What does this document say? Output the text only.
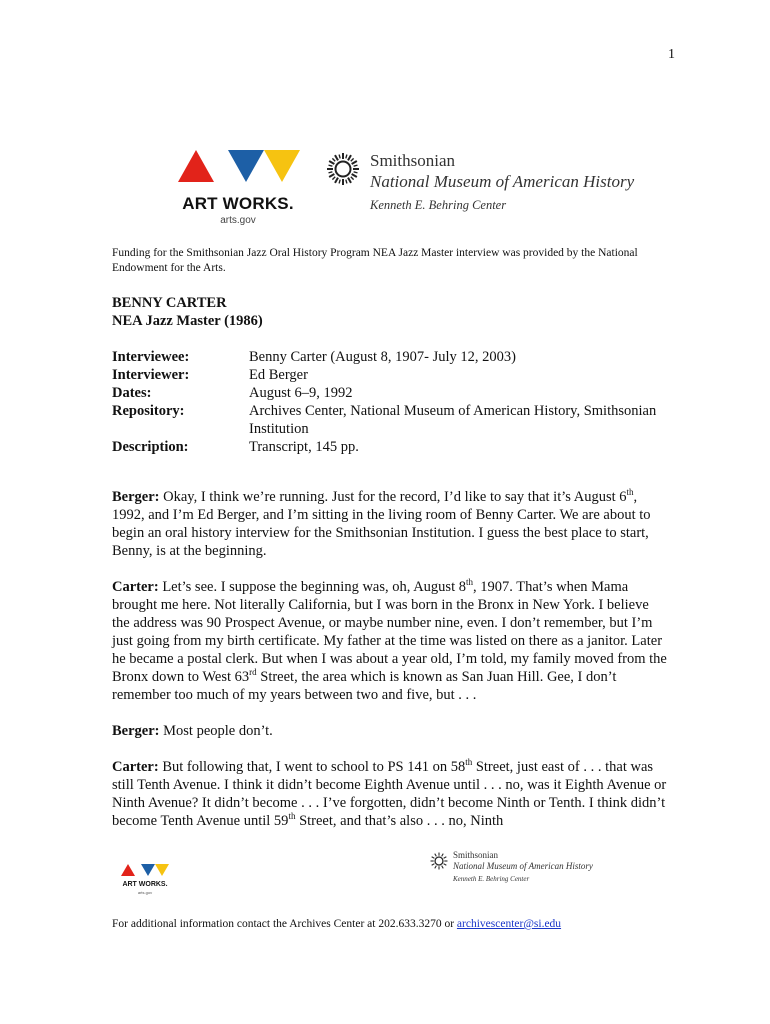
1
ART WORKS.
arts.gov
Smithsonian
National Museum of American History
Kenneth E. Behring Center
Funding for the Smithsonian Jazz Oral History Program NEA Jazz Master interview was provided by the National Endowment for the Arts.
BENNY CARTER
NEA Jazz Master (1986)
Interviewee:	Benny Carter (August 8, 1907- July 12, 2003)
Interviewer:	Ed Berger
Dates:	August 6–9, 1992
Repository:	Archives Center, National Museum of American History, Smithsonian Institution
Description:	Transcript, 145 pp.

Berger: Okay, I think we’re running. Just for the record, I’d like to say that it’s August 6th, 1992, and I’m Ed Berger, and I’m sitting in the living room of Benny Carter. We are about to begin an oral history interview for the Smithsonian Institution. I guess the best place to start, Benny, is at the beginning.

Carter: Let’s see. I suppose the beginning was, oh, August 8th, 1907. That’s when Mama brought me here. Not literally California, but I was born in the Bronx in New York. I believe the address was 90 Prospect Avenue, or maybe number nine, even. I don’t remember, but I’m just going from my birth certificate. My father at the time was listed on there as a janitor. Later he became a postal clerk. But when I was about a year old, I’m told, my family moved from the Bronx down to West 63rd Street, the area which is known as San Juan Hill. Gee, I don’t remember too much of my years between two and five, but . . .

Berger: Most people don’t.

Carter: But following that, I went to school to PS 141 on 58th Street, just east of . . . that was still Tenth Avenue. I think it didn’t become Eighth Avenue until . . . no, was it Eighth Avenue or Ninth Avenue? It didn’t become . . . I’ve forgotten, didn’t become Ninth or Tenth. I think didn’t become Tenth Avenue until 59th Street, and that’s also . . . no, Ninth

ART WORKS.
arts.gov
Smithsonian
National Museum of American History
Kenneth E. Behring Center
For additional information contact the Archives Center at 202.633.3270 or archivescenter@si.edu
